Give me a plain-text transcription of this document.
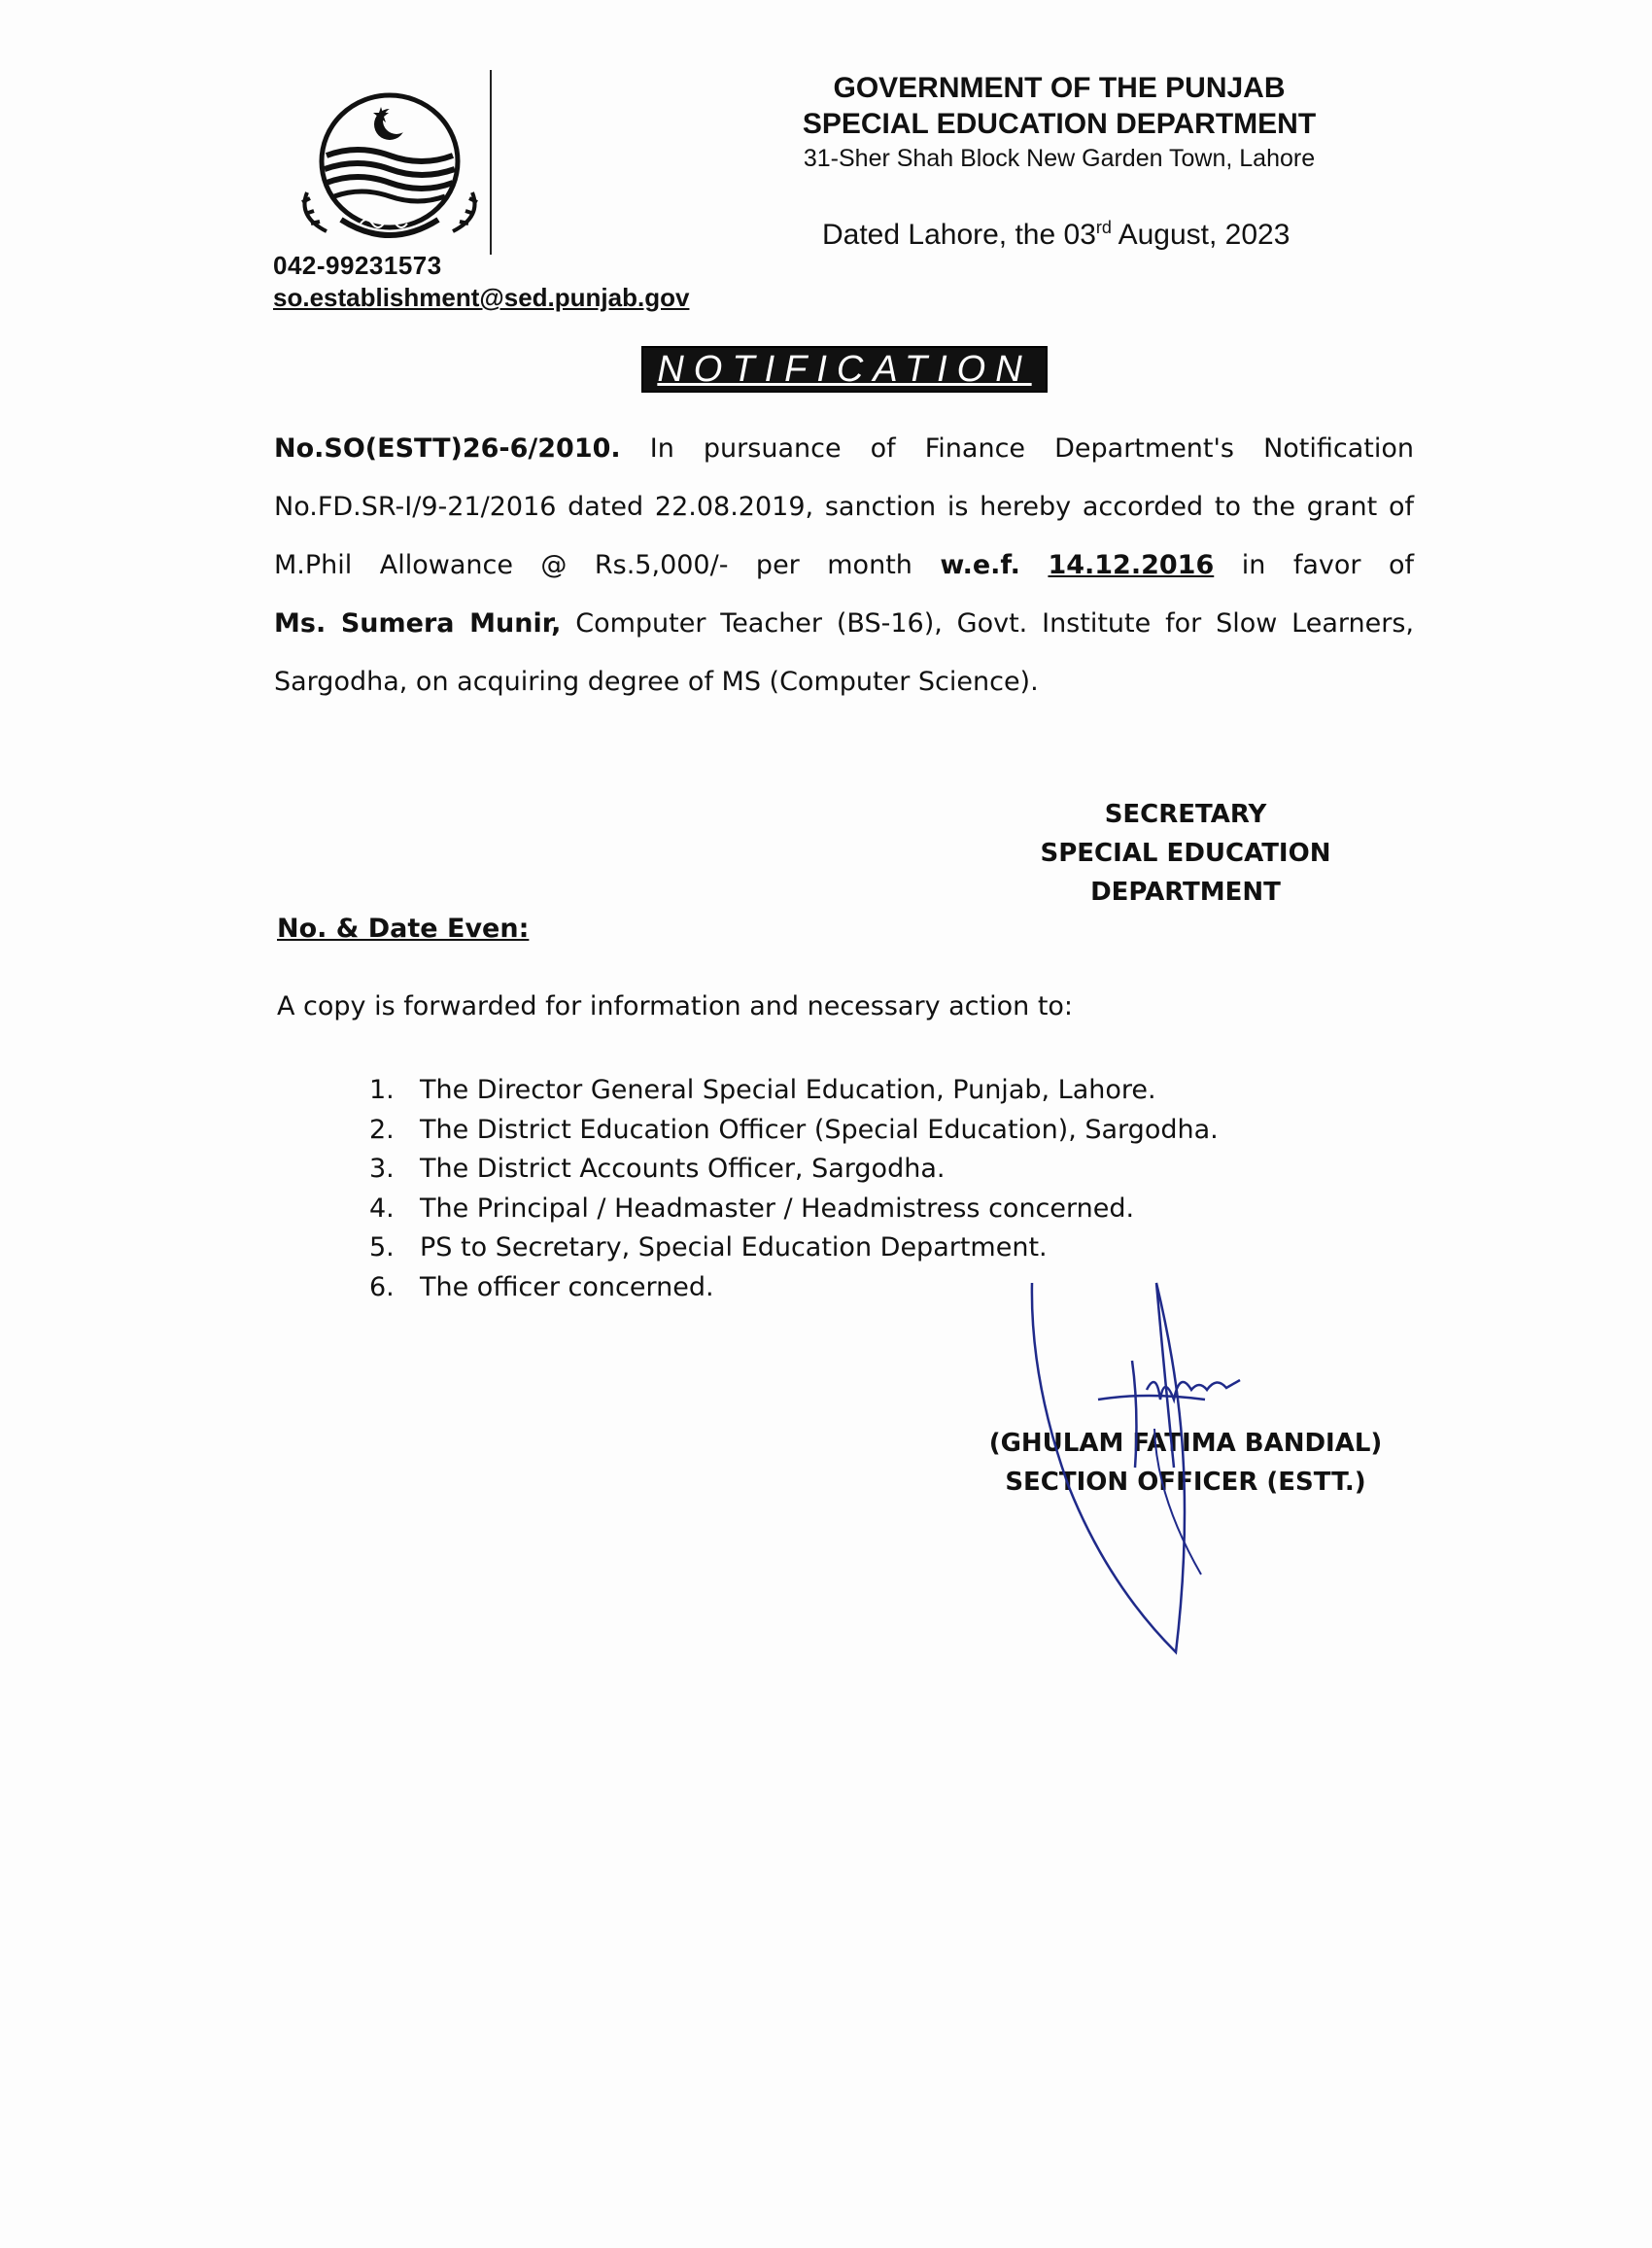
042-99231573
so.establishment@sed.punjab.gov
GOVERNMENT OF THE PUNJAB
SPECIAL EDUCATION DEPARTMENT
31-Sher Shah Block New Garden Town, Lahore
Dated Lahore, the 03rd August, 2023
NOTIFICATION
No.SO(ESTT)26-6/2010. In pursuance of Finance Department's Notification
No.FD.SR-I/9-21/2016 dated 22.08.2019, sanction is hereby accorded to the grant of
M.Phil Allowance @ Rs.5,000/- per month w.e.f. 14.12.2016 in favor of
Ms. Sumera Munir, Computer Teacher (BS-16), Govt. Institute for Slow Learners,
Sargodha, on acquiring degree of MS (Computer Science).
SECRETARY
SPECIAL EDUCATION
DEPARTMENT
No. & Date Even:
A copy is forwarded for information and necessary action to:
1. The Director General Special Education, Punjab, Lahore.
2. The District Education Officer (Special Education), Sargodha.
3. The District Accounts Officer, Sargodha.
4. The Principal / Headmaster / Headmistress concerned.
5. PS to Secretary, Special Education Department.
6. The officer concerned.
(GHULAM FATIMA BANDIAL)
SECTION OFFICER (ESTT.)
